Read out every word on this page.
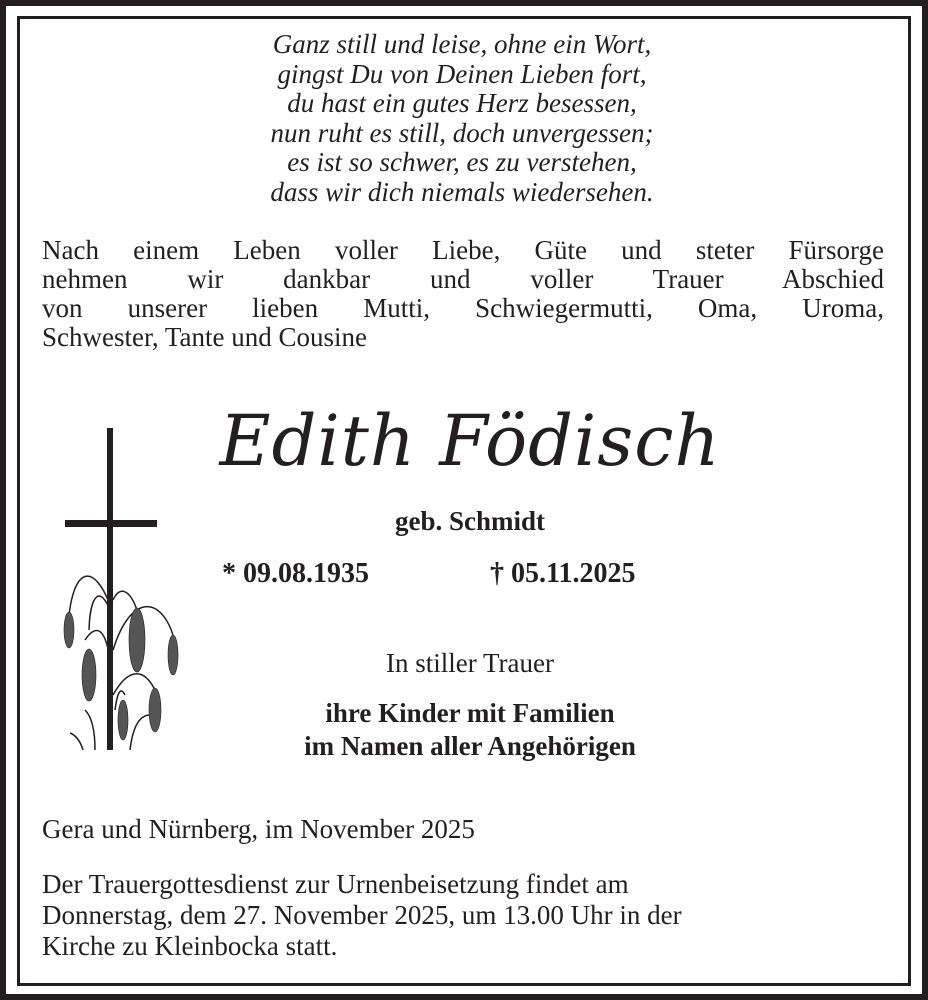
Ganz still und leise, ohne ein Wort,
gingst Du von Deinen Lieben fort,
du hast ein gutes Herz besessen,
nun ruht es still, doch unvergessen;
es ist so schwer, es zu verstehen,
dass wir dich niemals wiedersehen.
Nach einem Leben voller Liebe, Güte und steter Fürsorge
nehmen wir dankbar und voller Trauer Abschied
von unserer lieben Mutti, Schwiegermutti, Oma, Uroma,
Schwester, Tante und Cousine
Edith Födisch
geb. Schmidt
* 09.08.1935	† 05.11.2025
In stiller Trauer
ihre Kinder mit Familien
im Namen aller Angehörigen
Gera und Nürnberg, im November 2025
Der Trauergottesdienst zur Urnenbeisetzung findet am
Donnerstag, dem 27. November 2025, um 13.00 Uhr in der
Kirche zu Kleinbocka statt.
